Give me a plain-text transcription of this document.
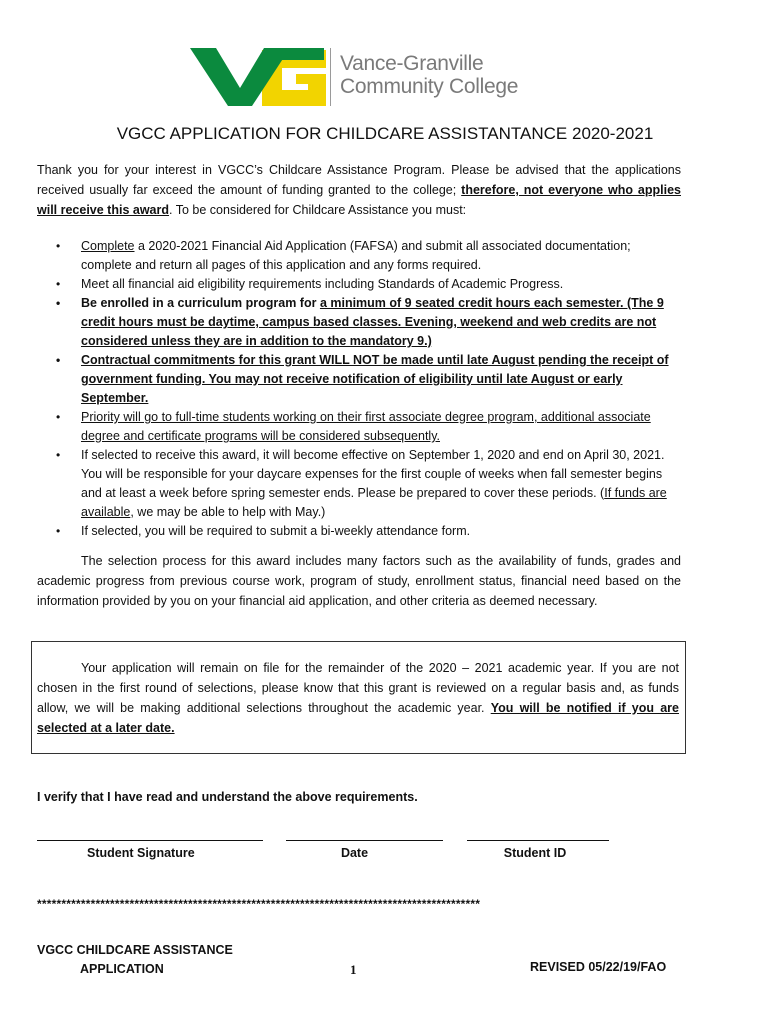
Vance-Granville
Community College
VGCC APPLICATION FOR CHILDCARE ASSISTANTANCE 2020-2021

Thank you for your interest in VGCC’s Childcare Assistance Program. Please be advised that the applications received usually far exceed the amount of funding granted to the college; therefore, not everyone who applies will receive this award. To be considered for Childcare Assistance you must:

• Complete a 2020-2021 Financial Aid Application (FAFSA) and submit all associated documentation; complete and return all pages of this application and any forms required.
• Meet all financial aid eligibility requirements including Standards of Academic Progress.
• Be enrolled in a curriculum program for a minimum of 9 seated credit hours each semester. (The 9 credit hours must be daytime, campus based classes. Evening, weekend and web credits are not considered unless they are in addition to the mandatory 9.)
• Contractual commitments for this grant WILL NOT be made until late August pending the receipt of government funding. You may not receive notification of eligibility until late August or early September.
• Priority will go to full-time students working on their first associate degree program, additional associate degree and certificate programs will be considered subsequently.
• If selected to receive this award, it will become effective on September 1, 2020 and end on April 30, 2021. You will be responsible for your daycare expenses for the first couple of weeks when fall semester begins and at least a week before spring semester ends. Please be prepared to cover these periods. (If funds are available, we may be able to help with May.)
• If selected, you will be required to submit a bi-weekly attendance form.

The selection process for this award includes many factors such as the availability of funds, grades and academic progress from previous course work, program of study, enrollment status, financial need based on the information provided by you on your financial aid application, and other criteria as deemed necessary.

Your application will remain on file for the remainder of the 2020 – 2021 academic year. If you are not chosen in the first round of selections, please know that this grant is reviewed on a regular basis and, as funds allow, we will be making additional selections throughout the academic year. You will be notified if you are selected at a later date.

I verify that I have read and understand the above requirements.
Student Signature	Date	Student ID
*******************************************************************************************
VGCC CHILDCARE ASSISTANCE
APPLICATION	1	REVISED 05/22/19/FAO
